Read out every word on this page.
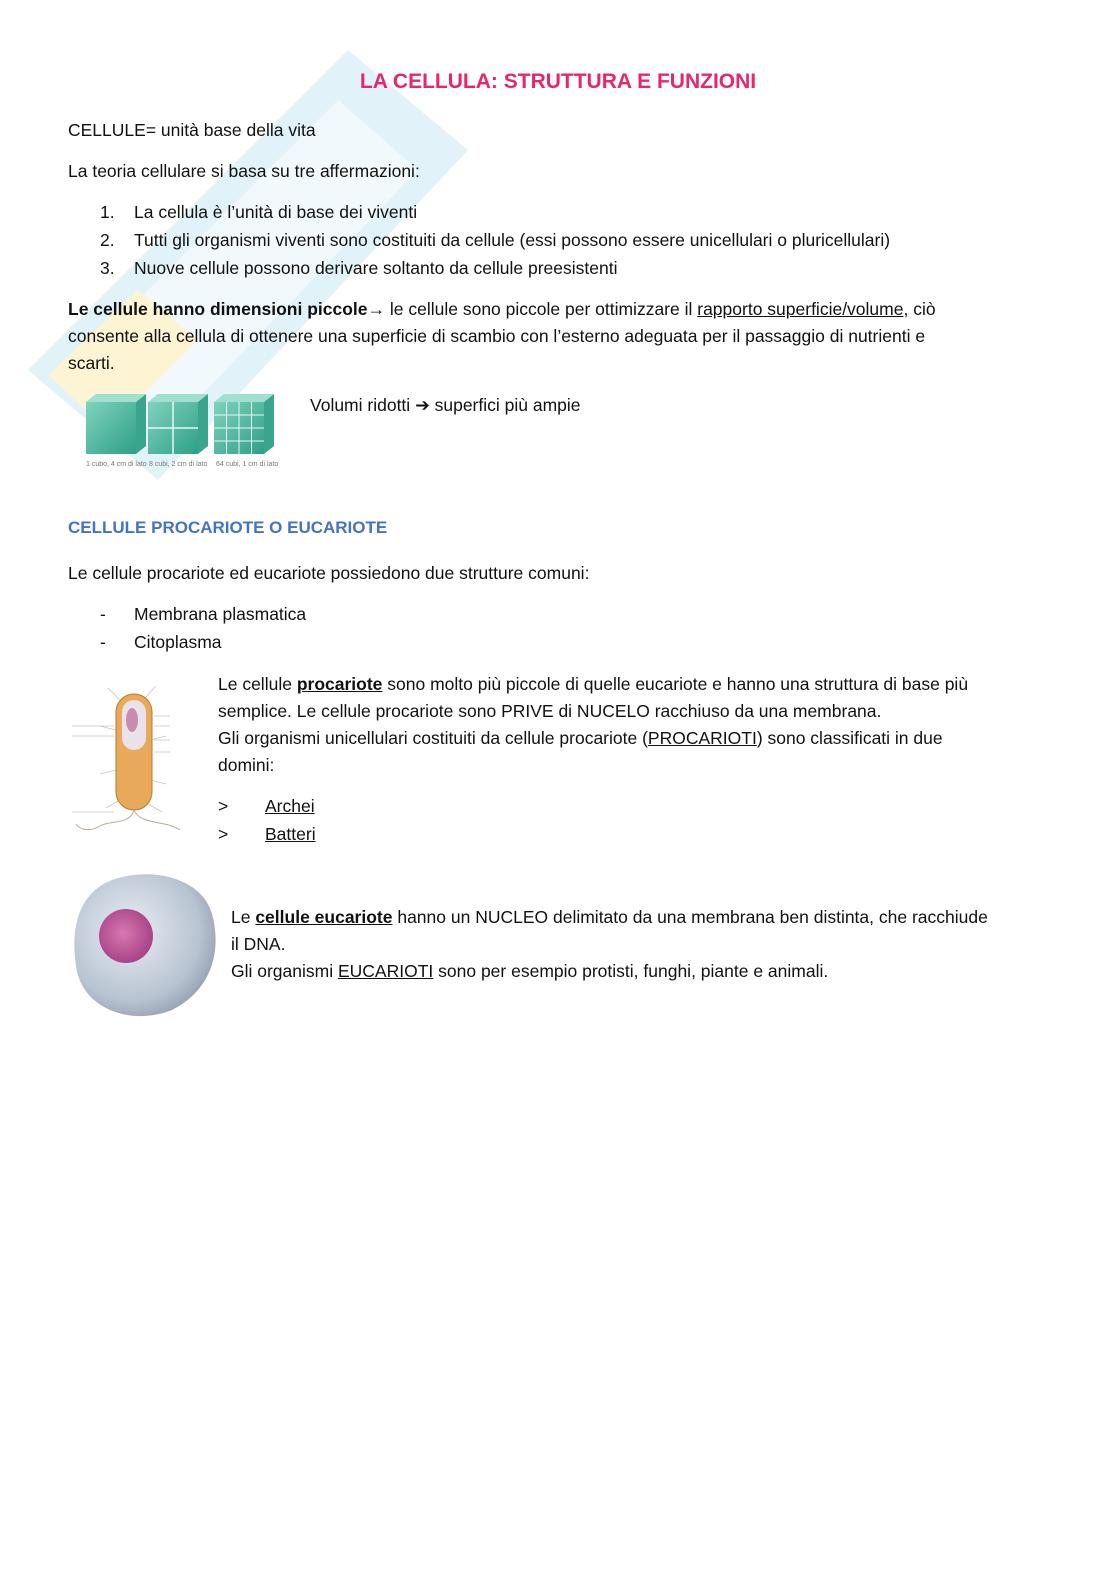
LA CELLULA: STRUTTURA E FUNZIONI
CELLULE= unità base della vita
La teoria cellulare si basa su tre affermazioni:
1. La cellula è l’unità di base dei viventi
2. Tutti gli organismi viventi sono costituiti da cellule (essi possono essere unicellulari o pluricellulari)
3. Nuove cellule possono derivare soltanto da cellule preesistenti
Le cellule hanno dimensioni piccole→ le cellule sono piccole per ottimizzare il rapporto superficie/volume, ciò
consente alla cellula di ottenere una superficie di scambio con l’esterno adeguata per il passaggio di nutrienti e
scarti.
1 cubo, 4 cm di lato 8 cubi, 2 cm di lato 64 cubi, 1 cm di lato
Volumi ridotti ➔ superfici più ampie
CELLULE PROCARIOTE O EUCARIOTE
Le cellule procariote ed eucariote possiedono due strutture comuni:
- Membrana plasmatica
- Citoplasma
Le cellule procariote sono molto più piccole di quelle eucariote e hanno una struttura di base più
semplice. Le cellule procariote sono PRIVE di NUCELO racchiuso da una membrana.
Gli organismi unicellulari costituiti da cellule procariote (PROCARIOTI) sono classificati in due
domini:
> Archei
> Batteri
Le cellule eucariote hanno un NUCLEO delimitato da una membrana ben distinta, che racchiude
il DNA.
Gli organismi EUCARIOTI sono per esempio protisti, funghi, piante e animali.
